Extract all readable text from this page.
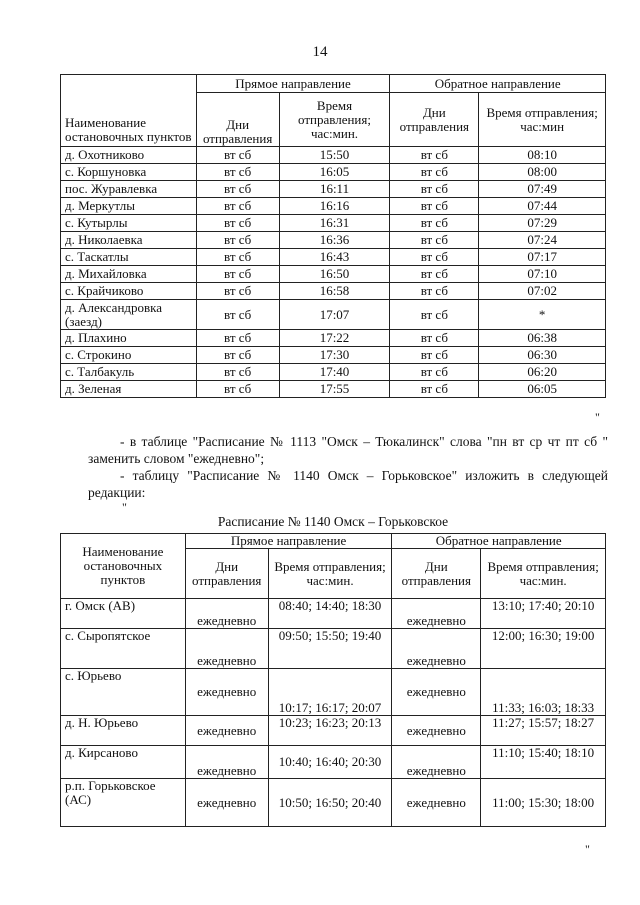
14
Наименование остановочных пунктов	Прямое направление		Обратное направление	
	Дни отправления	Время отправления; час:мин.	Дни отправления	Время отправления; час:мин
д. Охотниково	вт сб	15:50	вт сб	08:10
с. Коршуновка	вт сб	16:05	вт сб	08:00
пос. Журавлевка	вт сб	16:11	вт сб	07:49
д. Меркутлы	вт сб	16:16	вт сб	07:44
с. Кутырлы	вт сб	16:31	вт сб	07:29
д. Николаевка	вт сб	16:36	вт сб	07:24
с. Таскатлы	вт сб	16:43	вт сб	07:17
д. Михайловка	вт сб	16:50	вт сб	07:10
с. Крайчиково	вт сб	16:58	вт сб	07:02
д. Александровка (заезд)	вт сб	17:07	вт сб	*
д. Плахино	вт сб	17:22	вт сб	06:38
с. Строкино	вт сб	17:30	вт сб	06:30
с. Талбакуль	вт сб	17:40	вт сб	06:20
д. Зеленая	вт сб	17:55	вт сб	06:05
"
- в таблице "Расписание № 1113 "Омск – Тюкалинск" слова "пн вт ср чт пт сб " заменить словом "ежедневно";
- таблицу "Расписание № 1140 Омск – Горьковское" изложить в следующей редакции:
"
Расписание № 1140 Омск – Горьковское
Наименование остановочных пунктов	Прямое направление		Обратное направление	
	Дни отправления	Время отправления; час:мин.	Дни отправления	Время отправления; час:мин.
г. Омск (АВ)	ежедневно	08:40; 14:40; 18:30	ежедневно	13:10; 17:40; 20:10
с. Сыропятское	ежедневно	09:50; 15:50; 19:40	ежедневно	12:00; 16:30; 19:00
с. Юрьево	ежедневно	10:17; 16:17; 20:07	ежедневно	11:33; 16:03; 18:33
д. Н. Юрьево	ежедневно	10:23; 16:23; 20:13	ежедневно	11:27; 15:57; 18:27
д. Кирсаново	ежедневно	10:40; 16:40; 20:30	ежедневно	11:10; 15:40; 18:10
р.п. Горьковское (АС)	ежедневно	10:50; 16:50; 20:40	ежедневно	11:00; 15:30; 18:00
"
